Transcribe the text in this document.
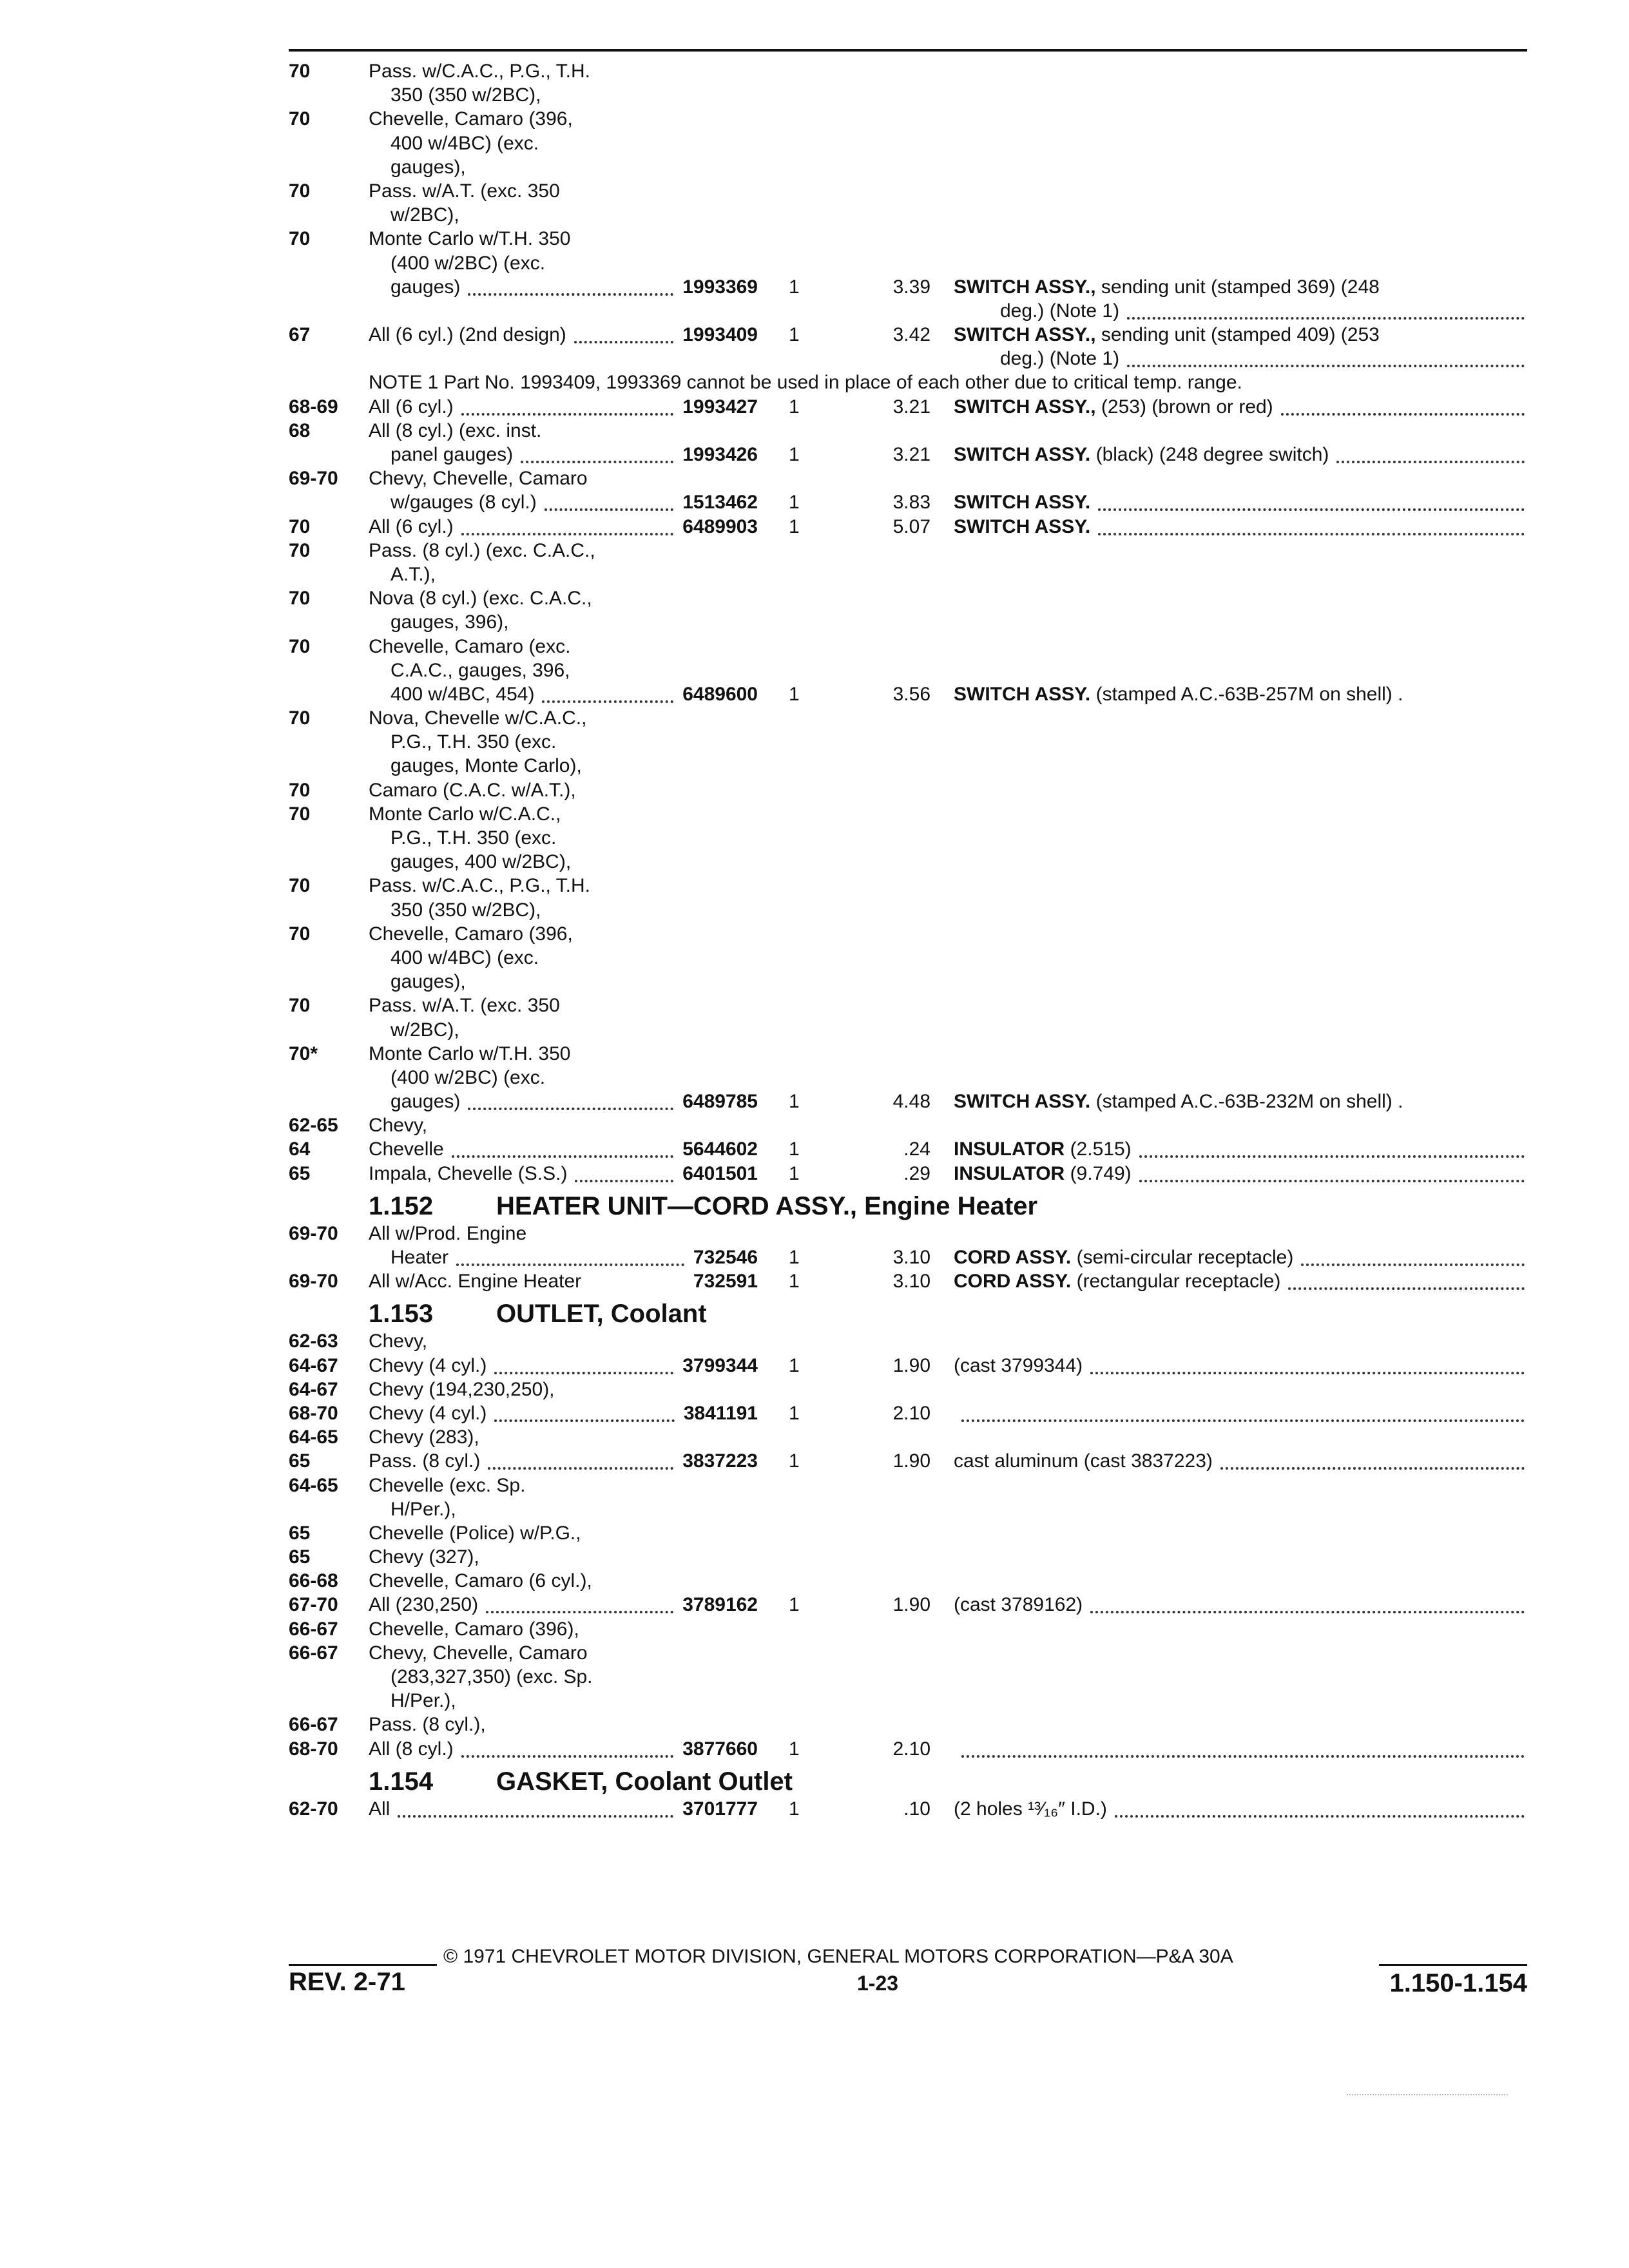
70	Pass. w/C.A.C., P.G., T.H.
350 (350 w/2BC),
70	Chevelle, Camaro (396,
400 w/4BC) (exc.
gauges),
70	Pass. w/A.T. (exc. 350
w/2BC),
70	Monte Carlo w/T.H. 350
(400 w/2BC) (exc.
gauges)	1993369 1	3.39 SWITCH ASSY., sending unit (stamped 369) (248
deg.) (Note 1)
67	All (6 cyl.) (2nd design)	1993409 1	3.42 SWITCH ASSY., sending unit (stamped 409) (253
deg.) (Note 1)
NOTE 1 Part No. 1993409, 1993369 cannot be used in place of each other due to critical temp. range.
68-69 All (6 cyl.)	1993427 1	3.21 SWITCH ASSY., (253) (brown or red)
68	All (8 cyl.) (exc. inst.
panel gauges)	1993426 1	3.21 SWITCH ASSY. (black) (248 degree switch)
69-70 Chevy, Chevelle, Camaro
w/gauges (8 cyl.)	1513462 1	3.83 SWITCH ASSY.
70	All (6 cyl.)	6489903 1	5.07 SWITCH ASSY.
70	Pass. (8 cyl.) (exc. C.A.C.,
A.T.),
70	Nova (8 cyl.) (exc. C.A.C.,
gauges, 396),
70	Chevelle, Camaro (exc.
C.A.C., gauges, 396,
400 w/4BC, 454)	6489600 1	3.56 SWITCH ASSY. (stamped A.C.-63B-257M on shell) .
70	Nova, Chevelle w/C.A.C.,
P.G., T.H. 350 (exc.
gauges, Monte Carlo),
70	Camaro (C.A.C. w/A.T.),
70	Monte Carlo w/C.A.C.,
P.G., T.H. 350 (exc.
gauges, 400 w/2BC),
70	Pass. w/C.A.C., P.G., T.H.
350 (350 w/2BC),
70	Chevelle, Camaro (396,
400 w/4BC) (exc.
gauges),
70	Pass. w/A.T. (exc. 350
w/2BC),
70*	Monte Carlo w/T.H. 350
(400 w/2BC) (exc.
gauges)	6489785 1	4.48 SWITCH ASSY. (stamped A.C.-63B-232M on shell) .
62-65 Chevy,
64	Chevelle	5644602 1	.24 INSULATOR (2.515)
65	Impala, Chevelle (S.S.)	6401501 1	.29 INSULATOR (9.749)
1.152 HEATER UNIT—CORD ASSY., Engine Heater
69-70 All w/Prod. Engine
Heater	732546 1	3.10 CORD ASSY. (semi-circular receptacle)
69-70 All w/Acc. Engine Heater	732591 1	3.10 CORD ASSY. (rectangular receptacle)
1.153 OUTLET, Coolant
62-63 Chevy,
64-67 Chevy (4 cyl.)	3799344 1	1.90 (cast 3799344)
64-67 Chevy (194,230,250),
68-70 Chevy (4 cyl.)	3841191 1	2.10
64-65 Chevy (283),
65	Pass. (8 cyl.)	3837223 1	1.90 cast aluminum (cast 3837223)
64-65 Chevelle (exc. Sp.
H/Per.),
65	Chevelle (Police) w/P.G.,
65	Chevy (327),
66-68 Chevelle, Camaro (6 cyl.),
67-70 All (230,250)	3789162 1	1.90 (cast 3789162)
66-67 Chevelle, Camaro (396),
66-67 Chevy, Chevelle, Camaro
(283,327,350) (exc. Sp.
H/Per.),
66-67 Pass. (8 cyl.),
68-70 All (8 cyl.)	3877660 1	2.10
1.154 GASKET, Coolant Outlet
62-70 All	3701777 1	.10 (2 holes ¹³⁄₁₆″ I.D.)
© 1971 CHEVROLET MOTOR DIVISION, GENERAL MOTORS CORPORATION—P&A 30A
REV. 2-71	1-23	1.150-1.154
